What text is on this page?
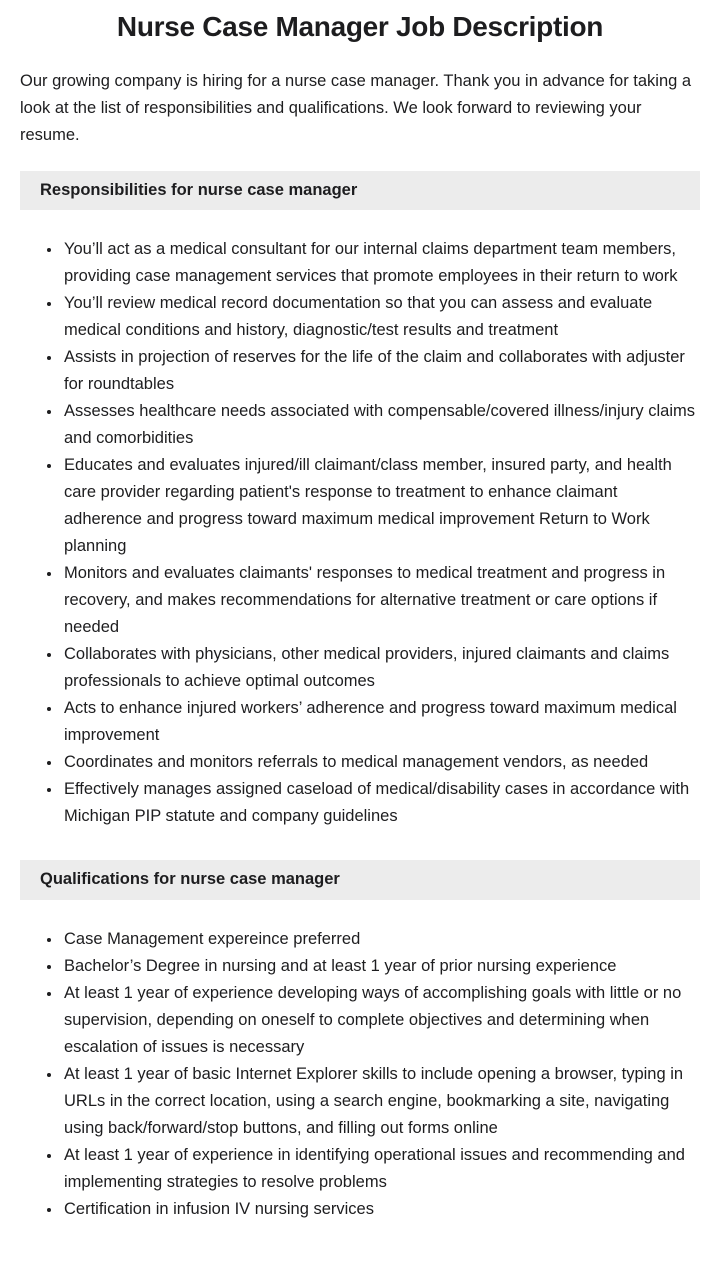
Nurse Case Manager Job Description

Our growing company is hiring for a nurse case manager. Thank you in advance for taking a look at the list of responsibilities and qualifications. We look forward to reviewing your resume.

Responsibilities for nurse case manager
• You’ll act as a medical consultant for our internal claims department team members, providing case management services that promote employees in their return to work
• You’ll review medical record documentation so that you can assess and evaluate medical conditions and history, diagnostic/test results and treatment
• Assists in projection of reserves for the life of the claim and collaborates with adjuster for roundtables
• Assesses healthcare needs associated with compensable/covered illness/injury claims and comorbidities
• Educates and evaluates injured/ill claimant/class member, insured party, and health care provider regarding patient's response to treatment to enhance claimant adherence and progress toward maximum medical improvement Return to Work planning
• Monitors and evaluates claimants' responses to medical treatment and progress in recovery, and makes recommendations for alternative treatment or care options if needed
• Collaborates with physicians, other medical providers, injured claimants and claims professionals to achieve optimal outcomes
• Acts to enhance injured workers’ adherence and progress toward maximum medical improvement
• Coordinates and monitors referrals to medical management vendors, as needed
• Effectively manages assigned caseload of medical/disability cases in accordance with Michigan PIP statute and company guidelines
Qualifications for nurse case manager
• Case Management expereince preferred
• Bachelor’s Degree in nursing and at least 1 year of prior nursing experience
• At least 1 year of experience developing ways of accomplishing goals with little or no supervision, depending on oneself to complete objectives and determining when escalation of issues is necessary
• At least 1 year of basic Internet Explorer skills to include opening a browser, typing in URLs in the correct location, using a search engine, bookmarking a site, navigating using back/forward/stop buttons, and filling out forms online
• At least 1 year of experience in identifying operational issues and recommending and implementing strategies to resolve problems
• Certification in infusion IV nursing services
